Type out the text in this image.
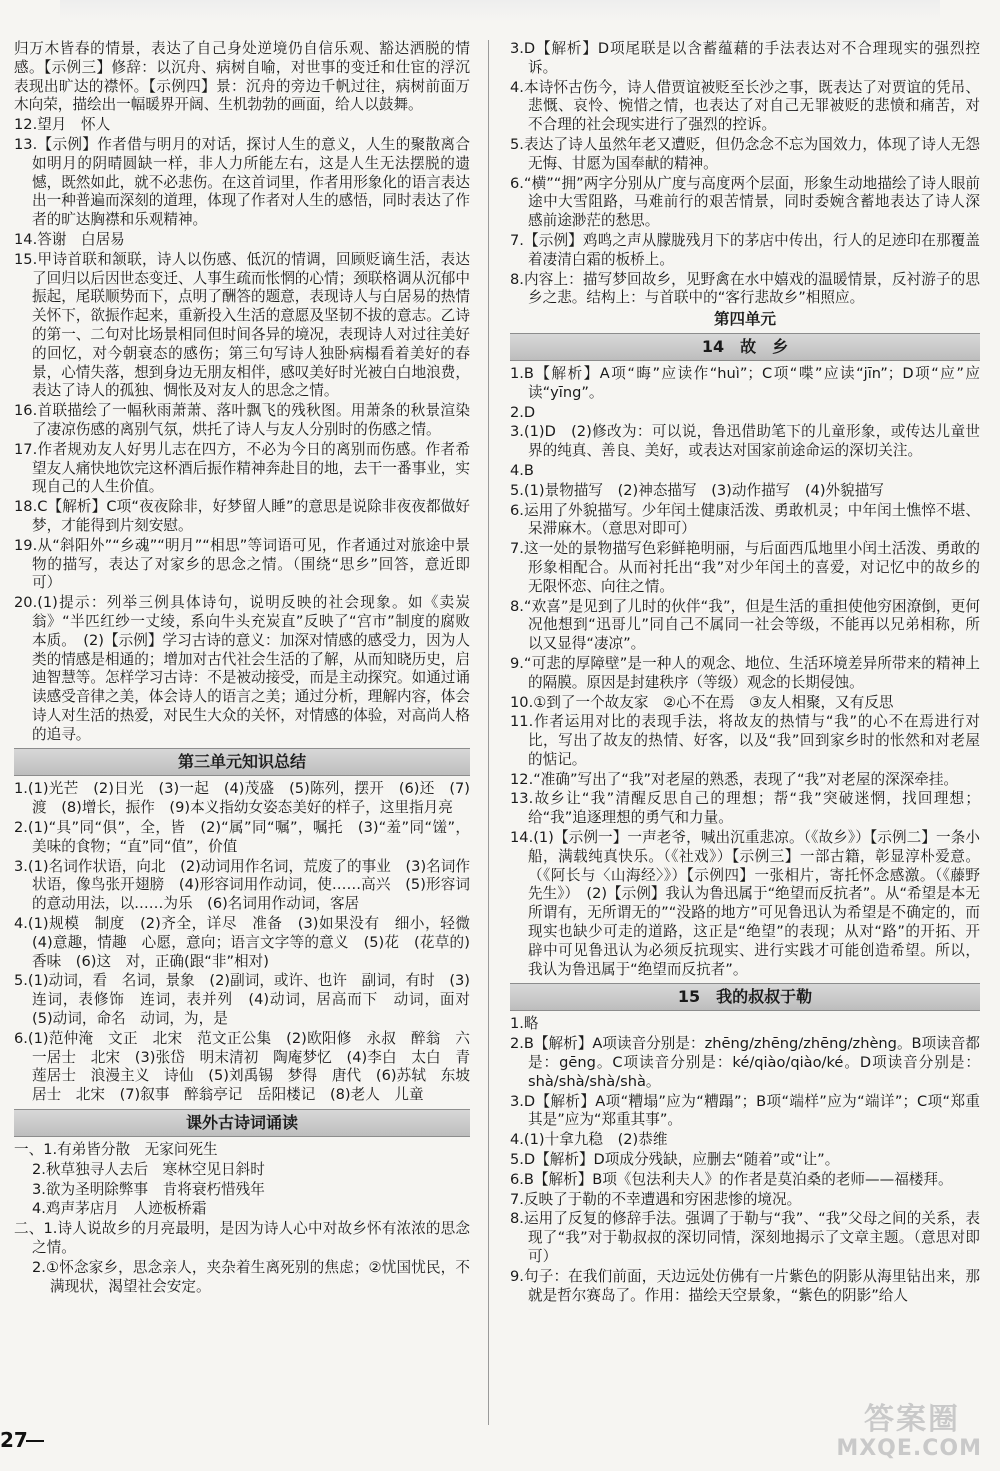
归万木皆春的情景，表达了自己身处逆境仍自信乐观、豁达洒脱的情感。【示例三】修辞：以沉舟、病树自喻，对世事的变迁和仕宦的浮沉表现出旷达的襟怀。【示例四】景：沉舟的旁边千帆过往，病树前面万木向荣，描绘出一幅暖界开阔、生机勃勃的画面，给人以鼓舞。
12.望月　怀人
13.【示例】作者借与明月的对话，探讨人生的意义，人生的聚散离合如明月的阴晴圆缺一样，非人力所能左右，这是人生无法摆脱的遗憾，既然如此，就不必悲伤。在这首词里，作者用形象化的语言表达出一种普遍而深刻的道理，体现了作者对人生的感悟，同时表达了作者的旷达胸襟和乐观精神。
14.答谢　白居易
15.甲诗首联和颔联，诗人以伤感、低沉的情调，回顾贬谪生活，表达了回归以后因世态变迁、人事生疏而怅惘的心情；颈联格调从沉郁中振起，尾联顺势而下，点明了酬答的题意，表现诗人与白居易的热情关怀下，欲振作起来，重新投入生活的意愿及坚韧不拔的意志。乙诗的第一、二句对比场景相同但时间各异的境况，表现诗人对过往美好的回忆，对今朝衰态的感伤；第三句写诗人独卧病榻看着美好的春景，心情失落，想到身边无朋友相伴，感叹美好时光被白白地浪费，表达了诗人的孤独、惆怅及对友人的思念之情。
16.首联描绘了一幅秋雨萧萧、落叶飘飞的残秋图。用萧条的秋景渲染了凄凉伤感的离别气氛，烘托了诗人与友人分别时的伤感之情。
17.作者规劝友人好男儿志在四方，不必为今日的离别而伤感。作者希望友人痛快地饮完这杯酒后振作精神奔赴目的地，去干一番事业，实现自己的人生价值。
18.C【解析】C项“夜夜除非，好梦留人睡”的意思是说除非夜夜都做好梦，才能得到片刻安慰。
19.从“斜阳外”“乡魂”“明月”“相思”等词语可见，作者通过对旅途中景物的描写，表达了对家乡的思念之情。（围绕“思乡”回答，意近即可）
20.(1)提示：列举三例具体诗句，说明反映的社会现象。如《卖炭翁》“半匹红纱一丈绫，系向牛头充炭直”反映了“宫市”制度的腐败本质。　(2)【示例】学习古诗的意义：加深对情感的感受力，因为人类的情感是相通的；增加对古代社会生活的了解，从而知晓历史，启迪智慧等。怎样学习古诗：不是被动接受，而是主动探究。如通过诵读感受音律之美，体会诗人的语言之美；通过分析，理解内容，体会诗人对生活的热爱，对民生大众的关怀，对情感的体验，对高尚人格的追寻。
第三单元知识总结
1.(1)光芒　(2)日光　(3)一起　(4)茂盛　(5)陈列，摆开　(6)还　(7)渡　(8)增长，振作　(9)本义指幼女姿态美好的样子，这里指月亮
2.(1)“具”同“俱”，全，皆　(2)“属”同“嘱”，嘱托　(3)“羞”同“馐”，美味的食物；“直”同“值”，价值
3.(1)名词作状语，向北　(2)动词用作名词，荒废了的事业　(3)名词作状语，像鸟张开翅膀　(4)形容词用作动词，使……高兴　(5)形容词的意动用法，以……为乐　(6)名词用作动词，客居
4.(1)规模　制度　(2)齐全，详尽　准备　(3)如果没有　细小，轻微　(4)意趣，情趣　心愿，意向；语言文字等的意义　(5)花　(花草的)香味　(6)这　对，正确(跟“非”相对)
5.(1)动词，看　名词，景象　(2)副词，或许、也许　副词，有时　(3)连词，表修饰　连词，表并列　(4)动词，居高而下　动词，面对　(5)动词，命名　动词，为，是
6.(1)范仲淹　文正　北宋　范文正公集　(2)欧阳修　永叔　醉翁　六一居士　北宋　(3)张岱　明末清初　陶庵梦忆　(4)李白　太白　青莲居士　浪漫主义　诗仙　(5)刘禹锡　梦得　唐代　(6)苏轼　东坡居士　北宋　(7)叙事　醉翁亭记　岳阳楼记　(8)老人　儿童
课外古诗词诵读
一、1.有弟皆分散　无家问死生
2.秋草独寻人去后　寒林空见日斜时
3.欲为圣明除弊事　肯将衰朽惜残年
4.鸡声茅店月　人迹板桥霜
二、1.诗人说故乡的月亮最明，是因为诗人心中对故乡怀有浓浓的思念之情。
2.①怀念家乡，思念亲人，夹杂着生离死别的焦虑；②忧国忧民，不满现状，渴望社会安定。
3.D【解析】D项尾联是以含蓄蕴藉的手法表达对不合理现实的强烈控诉。
4.本诗怀古伤今，诗人借贾谊被贬至长沙之事，既表达了对贾谊的凭吊、悲慨、哀怜、惋惜之情，也表达了对自己无罪被贬的悲愤和痛苦，对不合理的社会现实进行了强烈的控诉。
5.表达了诗人虽然年老又遭贬，但仍念念不忘为国效力，体现了诗人无怨无悔、甘愿为国奉献的精神。
6.“横”“拥”两字分别从广度与高度两个层面，形象生动地描绘了诗人眼前途中大雪阻路，马难前行的艰苦情景，同时委婉含蓄地表达了诗人深感前途渺茫的愁思。
7.【示例】鸡鸣之声从朦胧残月下的茅店中传出，行人的足迹印在那覆盖着凄清白霜的板桥上。
8.内容上：描写梦回故乡，见野禽在水中嬉戏的温暖情景，反衬游子的思乡之悲。结构上：与首联中的“客行悲故乡”相照应。
第四单元
14　故　乡
1.B【解析】A项“晦”应读作“huì”；C项“喋”应读“jīn”；D项“应”应读“yīng”。
2.D
3.(1)D　(2)修改为：可以说，鲁迅借助笔下的儿童形象，或传达儿童世界的纯真、善良、美好，或表达对国家前途命运的深切关注。
4.B
5.(1)景物描写　(2)神态描写　(3)动作描写　(4)外貌描写
6.运用了外貌描写。少年闰土健康活泼、勇敢机灵；中年闰土憔悴不堪、呆滞麻木。（意思对即可）
7.这一处的景物描写色彩鲜艳明丽，与后面西瓜地里小闰土活泼、勇敢的形象相配合。从而衬托出“我”对少年闰土的喜爱，对记忆中的故乡的无限怀恋、向往之情。
8.“欢喜”是见到了儿时的伙伴“我”，但是生活的重担使他穷困潦倒，更何况他想到“迅哥儿”同自己不属同一社会等级，不能再以兄弟相称，所以又显得“凄凉”。
9.“可悲的厚障壁”是一种人的观念、地位、生活环境差异所带来的精神上的隔膜。原因是封建秩序（等级）观念的长期侵蚀。
10.①到了一个故友家　②心不在焉　③友人相聚，又有反思
11.作者运用对比的表现手法，将故友的热情与“我”的心不在焉进行对比，写出了故友的热情、好客，以及“我”回到家乡时的怅然和对老屋的惦记。
12.“准确”写出了“我”对老屋的熟悉，表现了“我”对老屋的深深牵挂。
13.故乡让“我”清醒反思自己的理想；帮“我”突破迷惘，找回理想；给“我”追逐理想的勇气和力量。
14.(1)【示例一】一声老爷，喊出沉重悲凉。（《故乡》）【示例二】一条小船，满载纯真快乐。（《社戏》）【示例三】一部古籍，彰显淳朴爱意。（《阿长与〈山海经〉》）【示例四】一张相片，寄托怀念感激。（《藤野先生》）　(2)【示例】我认为鲁迅属于“绝望而反抗者”。从“希望是本无所谓有，无所谓无的”“没路的地方”可见鲁迅认为希望是不确定的，而现实也缺少可走的道路，这正是“绝望”的表现；从对“路”的开拓、开辟中可见鲁迅认为必须反抗现实、进行实践才可能创造希望。所以，我认为鲁迅属于“绝望而反抗者”。
15　我的叔叔于勒
1.略
2.B【解析】A项读音分别是：zhēng/zhēng/zhēng/zhèng。B项读音都是：gēng。C项读音分别是：ké/qiào/qiào/ké。D项读音分别是：shà/shà/shà/shà。
3.D【解析】A项“糟塌”应为“糟蹋”；B项“端样”应为“端详”；C项“郑重其是”应为“郑重其事”。
4.(1)十拿九稳　(2)恭维
5.D【解析】D项成分残缺，应删去“随着”或“让”。
6.B【解析】B项《包法利夫人》的作者是莫泊桑的老师——福楼拜。
7.反映了于勒的不幸遭遇和穷困悲惨的境况。
8.运用了反复的修辞手法。强调了于勒与“我”、“我”父母之间的关系，表现了“我”对于勒叔叔的深切同情，深刻地揭示了文章主题。（意思对即可）
9.句子：在我们前面，天边远处仿佛有一片紫色的阴影从海里钻出来，那就是哲尔赛岛了。作用：描绘天空景象，“紫色的阴影”给人
27
答案圈
MXQE.COM
